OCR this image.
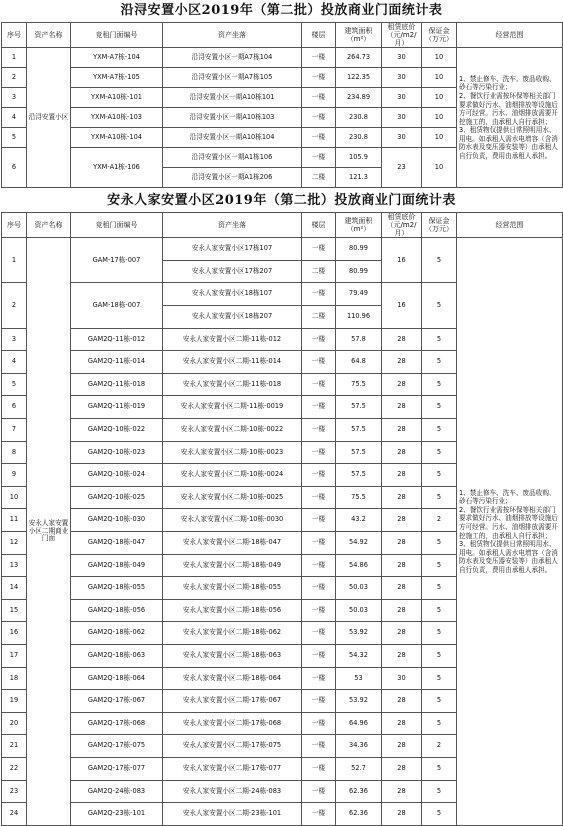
沿浔安置小区2019年（第二批）投放商业门面统计表
序号	资产名称	竞租门面编号	资产坐落	楼层	建筑面积（m²）	租赁底价（元/m2/月）	保证金（万元）	经营范围
1	沿浔安置小区	YXM-A7栋-104	沿浔安置小区一期A7栋104	一楼	264.73	30	10	1、禁止修车、洗车、废品收购、砂石等污染行业；
2、餐饮行业需按环保等相关部门要求做好污水、油烟排放等设施后方可经营。污水、油烟排放需要开挖施工的，由承租人自行承担；
3、租赁物仅提供日常照明用水、用电。如承租人需水电增容（含消防水表及变压器安装等）由承租人自行负责，费用由承租人承担。
2		YXM-A7栋-105	沿浔安置小区一期A7栋105	一楼	122.35	30	10	
3		YXM-A10栋-101	沿浔安置小区一期A10栋101	一楼	234.89	30	10	
4		YXM-A10栋-103	沿浔安置小区一期A10栋103	一楼	230.8	30	10	
5		YXM-A10栋-104	沿浔安置小区一期A10栋104	一楼	230.8	30	10	
6		YXM-A1栋-106	沿浔安置小区一期A1栋106	一楼	105.9	23	10	
			沿浔安置小区一期A1栋206	二楼	121.3			
安永人家安置小区2019年（第二批）投放商业门面统计表
序号	资产名称	竞租门面编号	资产坐落	楼层	建筑面积（m²）	租赁底价（元/m2/月）	保证金（万元）	经营范围
1	安永人家安置小区二期商业门面	GAM-17栋-007	安永人家安置小区17栋107	一楼	80.99	16	5	1、禁止修车、洗车、废品收购、砂石等污染行业；
2、餐饮行业需按环保等相关部门要求做好污水、油烟排放等设施后方可经营。污水、油烟排放需要开挖施工的，由承租人自行承担；
3、租赁物仅提供日常照明用水、用电。如承租人需水电增容（含消防水表及变压器安装等）由承租人自行负责，费用由承租人承担。
			安永人家安置小区17栋207	二楼	80.99			
2		GAM-18栋-007	安永人家安置小区18栋107	一楼	79.49	16	5	
			安永人家安置小区18栋207	二楼	110.96			
3		GAM2Q-11栋-012	安永人家安置小区二期-11栋-012	一楼	57.8	28	5	
4		GAM2Q-11栋-014	安永人家安置小区二期-11栋-014	一楼	64.8	28	5	
5		GAM2Q-11栋-018	安永人家安置小区二期-11栋-018	一楼	75.5	28	5	
6		GAM2Q-11栋-019	安永人家安置小区二期-11栋-0019	一楼	57.5	28	5	
7		GAM2Q-10栋-022	安永人家安置小区二期-10栋-0022	一楼	57.5	28	5	
8		GAM2Q-10栋-023	安永人家安置小区二期-10栋-0023	一楼	57.5	28	5	
9		GAM2Q-10栋-024	安永人家安置小区二期-10栋-0024	一楼	57.5	28	5	
10		GAM2Q-10栋-025	安永人家安置小区二期-10栋-0025	一楼	75.5	28	5	
11		GAM2Q-10栋-030	安永人家安置小区二期-10栋-0030	一楼	43.2	28	2	
12		GAM2Q-18栋-047	安永人家安置小区二期-18栋-047	一楼	54.92	28	5	
13		GAM2Q-18栋-049	安永人家安置小区二期-18栋-049	一楼	54.86	28	5	
14		GAM2Q-18栋-055	安永人家安置小区二期-18栋-055	一楼	50.03	28	5	
15		GAM2Q-18栋-056	安永人家安置小区二期-18栋-056	一楼	50.03	28	5	
16		GAM2Q-18栋-062	安永人家安置小区二期-18栋-062	一楼	53.92	28	5	
17		GAM2Q-18栋-063	安永人家安置小区二期-18栋-063	一楼	54.32	28	5	
18		GAM2Q-18栋-064	安永人家安置小区二期-18栋-064	一楼	53	30	5	
19		GAM2Q-17栋-067	安永人家安置小区二期-17栋-067	一楼	53.92	28	5	
20		GAM2Q-17栋-068	安永人家安置小区二期-17栋-068	一楼	64.96	28	5	
21		GAM2Q-17栋-075	安永人家安置小区二期-17栋-075	一楼	34.36	28	2	
22		GAM2Q-17栋-077	安永人家安置小区二期-17栋-077	一楼	52.7	28	5	
23		GAM2Q-24栋-083	安永人家安置小区二期-24栋-083	一楼	62.36	28	5	
24		GAM2Q-23栋-101	安永人家安置小区二期-23栋-101	一楼	62.36	28	5	
